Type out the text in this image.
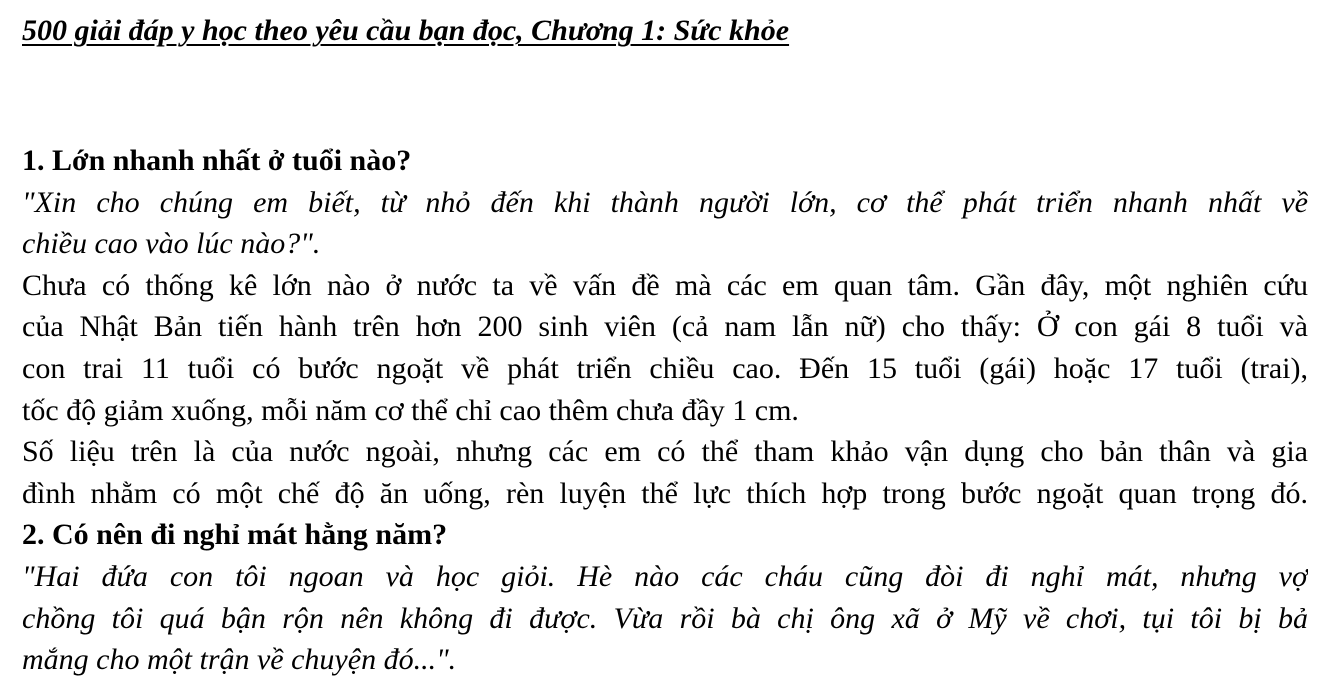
500 giải đáp y học theo yêu cầu bạn đọc, Chương 1: Sức khỏe
1. Lớn nhanh nhất ở tuổi nào?
"Xin cho chúng em biết, từ nhỏ đến khi thành người lớn, cơ thể phát triển nhanh nhất về
chiều cao vào lúc nào?".
Chưa có thống kê lớn nào ở nước ta về vấn đề mà các em quan tâm. Gần đây, một nghiên cứu
của Nhật Bản tiến hành trên hơn 200 sinh viên (cả nam lẫn nữ) cho thấy: Ở con gái 8 tuổi và
con trai 11 tuổi có bước ngoặt về phát triển chiều cao. Đến 15 tuổi (gái) hoặc 17 tuổi (trai),
tốc độ giảm xuống, mỗi năm cơ thể chỉ cao thêm chưa đầy 1 cm.
Số liệu trên là của nước ngoài, nhưng các em có thể tham khảo vận dụng cho bản thân và gia
đình nhằm có một chế độ ăn uống, rèn luyện thể lực thích hợp trong bước ngoặt quan trọng đó.
2. Có nên đi nghỉ mát hằng năm?
"Hai đứa con tôi ngoan và học giỏi. Hè nào các cháu cũng đòi đi nghỉ mát, nhưng vợ
chồng tôi quá bận rộn nên không đi được. Vừa rồi bà chị ông xã ở Mỹ về chơi, tụi tôi bị bả
mắng cho một trận về chuyện đó...".
